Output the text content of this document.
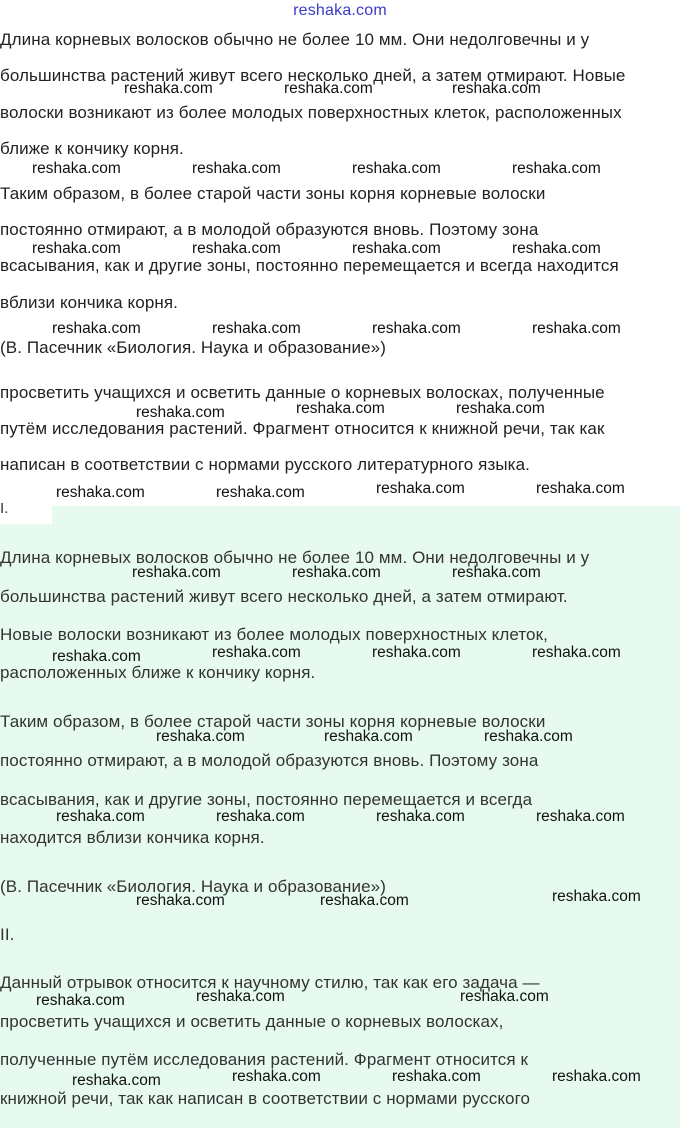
reshaka.com
Длина корневых волосков обычно не более 10 мм. Они недолговечны и у
большинства растений живут всего несколько дней, а затем отмирают. Новые
волоски возникают из более молодых поверхностных клеток, расположенных
ближе к кончику корня.
Таким образом, в более старой части зоны корня корневые волоски
постоянно отмирают, а в молодой образуются вновь. Поэтому зона
всасывания, как и другие зоны, постоянно перемещается и всегда находится
вблизи кончика корня.
(В. Пасечник «Биология. Наука и образование»)
просветить учащихся и осветить данные о корневых волосках, полученные
путём исследования растений. Фрагмент относится к книжной речи, так как
написан в соответствии с нормами русского литературного языка.
I.
Длина корневых волосков обычно не более 10 мм. Они недолговечны и у
большинства растений живут всего несколько дней, а затем отмирают.
Новые волоски возникают из более молодых поверхностных клеток,
расположенных ближе к кончику корня.
Таким образом, в более старой части зоны корня корневые волоски
постоянно отмирают, а в молодой образуются вновь. Поэтому зона
всасывания, как и другие зоны, постоянно перемещается и всегда
находится вблизи кончика корня.
(В. Пасечник «Биология. Наука и образование»)
II.
Данный отрывок относится к научному стилю, так как его задача —
просветить учащихся и осветить данные о корневых волосках,
полученные путём исследования растений. Фрагмент относится к
книжной речи, так как написан в соответствии с нормами русского
reshaka.com	reshaka.com	reshaka.com
reshaka.com	reshaka.com	reshaka.com	reshaka.com
reshaka.com	reshaka.com	reshaka.com	reshaka.com
reshaka.com	reshaka.com	reshaka.com	reshaka.com
reshaka.com	reshaka.com	reshaka.com
reshaka.com	reshaka.com	reshaka.com	reshaka.com
reshaka.com	reshaka.com	reshaka.com
reshaka.com	reshaka.com	reshaka.com	reshaka.com
reshaka.com	reshaka.com	reshaka.com
reshaka.com	reshaka.com	reshaka.com	reshaka.com
reshaka.com	reshaka.com	reshaka.com
reshaka.com	reshaka.com	reshaka.com
reshaka.com	reshaka.com	reshaka.com	reshaka.com
